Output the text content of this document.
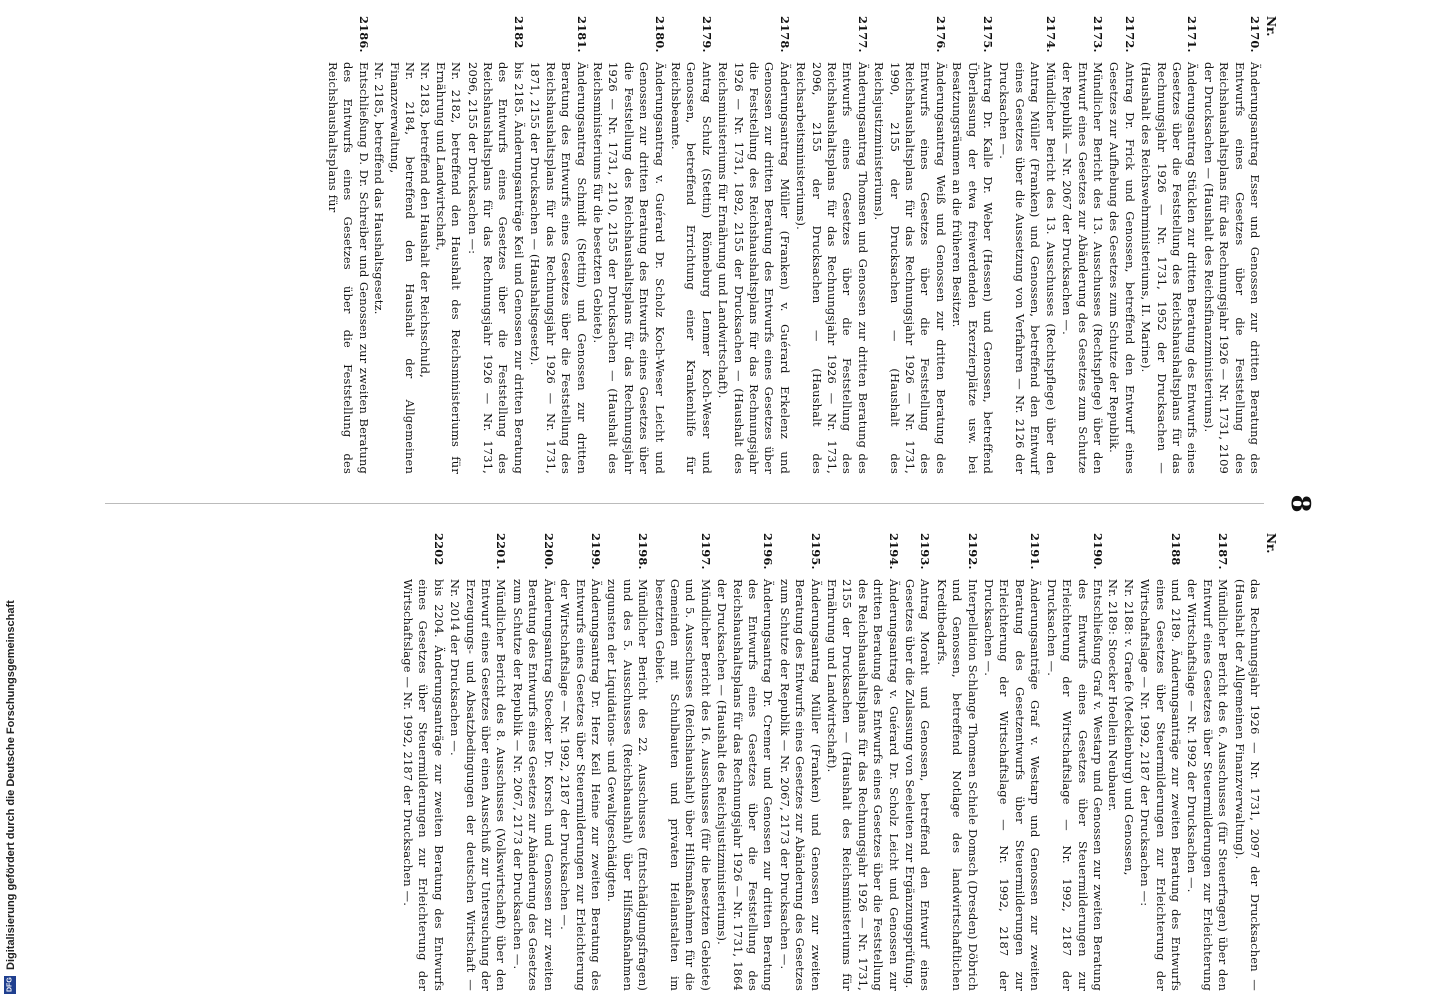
8
Nr.
Nr.
2170.
Änderungsantrag Esser und Genossen zur dritten Beratung des Entwurfs eines Gesetzes über die Feststellung des Reichshaushaltsplans für das Rechnungsjahr 1926 — Nr. 1731, 2109 der Drucksachen — (Haushalt des Reichsfinanzministeriums).
2171.
Änderungsantrag Stücklen zur dritten Beratung des Entwurfs eines Gesetzes über die Feststellung des Reichshaushaltsplans für das Rechnungsjahr 1926 — Nr. 1731, 1952 der Drucksachen — (Haushalt des Reichswehrministeriums, II. Marine).
2172.
Antrag Dr. Frick und Genossen, betreffend den Entwurf eines Gesetzes zur Aufhebung des Gesetzes zum Schutze der Republik.
2173.
Mündlicher Bericht des 13. Ausschusses (Rechtspflege) über den Entwurf eines Gesetzes zur Abänderung des Gesetzes zum Schutze der Republik — Nr. 2067 der Drucksachen —.
2174.
Mündlicher Bericht des 13. Ausschusses (Rechtspflege) über den Antrag Müller (Franken) und Genossen, betreffend den Entwurf eines Gesetzes über die Aussetzung von Verfahren — Nr. 2126 der Drucksachen —.
2175.
Antrag Dr. Kalle Dr. Weber (Hessen) und Genossen, betreffend Überlassung der etwa freiwerdenden Exerzierplätze usw. bei Besatzungsräumen an die früheren Besitzer.
2176.
Änderungsantrag Weiß und Genossen zur dritten Beratung des Entwurfs eines Gesetzes über die Feststellung des Reichshaushaltsplans für das Rechnungsjahr 1926 — Nr. 1731, 1990, 2155 der Drucksachen — (Haushalt des Reichsjustizministeriums).
2177.
Änderungsantrag Thomsen und Genossen zur dritten Beratung des Entwurfs eines Gesetzes über die Feststellung des Reichshaushaltsplans für das Rechnungsjahr 1926 — Nr. 1731, 2096, 2155 der Drucksachen — (Haushalt des Reichsarbeitsministeriums).
2178.
Änderungsantrag Müller (Franken) v. Guérard Erkelenz und Genossen zur dritten Beratung des Entwurfs eines Gesetzes über die Feststellung des Reichshaushaltsplans für das Rechnungsjahr 1926 — Nr. 1731, 1892, 2155 der Drucksachen — (Haushalt des Reichsministeriums für Ernährung und Landwirtschaft).
2179.
Antrag Schulz (Stettin) Rönneburg Lenmer Koch-Weser und Genossen, betreffend Errichtung einer Krankenhilfe für Reichsbeamte.
2180.
Änderungsantrag v. Guérard Dr. Scholz Koch-Weser Leicht und Genossen zur dritten Beratung des Entwurfs eines Gesetzes über die Feststellung des Reichshaushaltsplans für das Rechnungsjahr 1926 — Nr. 1731, 2110, 2155 der Drucksachen — (Haushalt des Reichsministeriums für die besetzten Gebiete).
2181.
Änderungsantrag Schmidt (Stettin) und Genossen zur dritten Beratung des Entwurfs eines Gesetzes über die Feststellung des Reichshaushaltsplans für das Rechnungsjahr 1926 — Nr. 1731, 1871, 2155 der Drucksachen — (Haushaltsgesetz).
2182
bis 2185. Änderungsanträge Keil und Genossen zur dritten Beratung des Entwurfs eines Gesetzes über die Feststellung des Reichshaushaltsplans für das Rechnungsjahr 1926 — Nr. 1731, 2096, 2155 der Drucksachen —:
Nr. 2182, betreffend den Haushalt des Reichsministeriums für Ernährung und Landwirtschaft,
Nr. 2183, betreffend den Haushalt der Reichsschuld,
Nr. 2184, betreffend den Haushalt der Allgemeinen Finanzverwaltung,
Nr. 2185, betreffend das Haushaltsgesetz.
2186.
Entschließung D. Dr. Schreiber und Genossen zur zweiten Beratung des Entwurfs eines Gesetzes über die Feststellung des Reichshaushaltsplans für
das Rechnungsjahr 1926 — Nr. 1731, 2097 der Drucksachen — (Haushalt der Allgemeinen Finanzverwaltung).
2187.
Mündlicher Bericht des 6. Ausschusses (für Steuerfragen) über den Entwurf eines Gesetzes über Steuermilderungen zur Erleichterung der Wirtschaftslage — Nr. 1992 der Drucksachen —.
2188
und 2189. Änderungsanträge zur zweiten Beratung des Entwurfs eines Gesetzes über Steuermilderungen zur Erleichterung der Wirtschaftslage — Nr. 1992, 2187 der Drucksachen —:
Nr. 2188: v. Graefe (Mecklenburg) und Genossen,
Nr. 2189: Stoecker Hoellein Neubauer.
2190.
Entschließung Graf v. Westarp und Genossen zur zweiten Beratung des Entwurfs eines Gesetzes über Steuermilderungen zur Erleichterung der Wirtschaftslage — Nr. 1992, 2187 der Drucksachen —.
2191.
Änderungsanträge Graf v. Westarp und Genossen zur zweiten Beratung des Gesetzentwurfs über Steuermilderungen zur Erleichterung der Wirtschaftslage — Nr. 1992, 2187 der Drucksachen —.
2192.
Interpellation Schlange Thomsen Schiele Domsch (Dresden) Döbrich und Genossen, betreffend Notlage des landwirtschaftlichen Kreditbedarfs.
2193.
Antrag Moraht und Genossen, betreffend den Entwurf eines Gesetzes über die Zulassung von Seeleuten zur Ergänzungsprüfung.
2194.
Änderungsantrag v. Guérard Dr. Scholz Leicht und Genossen zur dritten Beratung des Entwurfs eines Gesetzes über die Feststellung des Reichshaushaltsplans für das Rechnungsjahr 1926 — Nr. 1731, 2155 der Drucksachen — (Haushalt des Reichsministeriums für Ernährung und Landwirtschaft).
2195.
Änderungsantrag Müller (Franken) und Genossen zur zweiten Beratung des Entwurfs eines Gesetzes zur Abänderung des Gesetzes zum Schutze der Republik — Nr. 2067, 2173 der Drucksachen —.
2196.
Änderungsantrag Dr. Cremer und Genossen zur dritten Beratung des Entwurfs eines Gesetzes über die Feststellung des Reichshaushaltsplans für das Rechnungsjahr 1926 — Nr. 1731, 1864 der Drucksachen — (Haushalt des Reichsjustizministeriums).
2197.
Mündlicher Bericht des 16. Ausschusses (für die besetzten Gebiete) und 5. Ausschusses (Reichshaushalt) über Hilfsmaßnahmen für die Gemeinden mit Schulbauten und privaten Heilanstalten im besetzten Gebiet.
2198.
Mündlicher Bericht des 22. Ausschusses (Entschädigungsfragen) und des 5. Ausschusses (Reichshaushalt) über Hilfsmaßnahmen zugunsten der Liquidations- und Gewaltgeschädigten.
2199.
Änderungsantrag Dr. Herz Keil Heine zur zweiten Beratung des Entwurfs eines Gesetzes über Steuermilderungen zur Erleichterung der Wirtschaftslage — Nr. 1992, 2187 der Drucksachen —.
2200.
Änderungsantrag Stoecker Dr. Korsch und Genossen zur zweiten Beratung des Entwurfs eines Gesetzes zur Abänderung des Gesetzes zum Schutze der Republik — Nr. 2067, 2173 der Drucksachen —.
2201.
Mündlicher Bericht des 8. Ausschusses (Volkswirtschaft) über den Entwurf eines Gesetzes über einen Ausschuß zur Untersuchung der Erzeugungs- und Absatzbedingungen der deutschen Wirtschaft — Nr. 2014 der Drucksachen —.
2202
bis 2204. Änderungsanträge zur zweiten Beratung des Entwurfs eines Gesetzes über Steuermilderungen zur Erleichterung der Wirtschaftslage — Nr. 1992, 2187 der Drucksachen —.
Digitalisierung gefördert durch die Deutsche Forschungsgemeinschaft
DFG
